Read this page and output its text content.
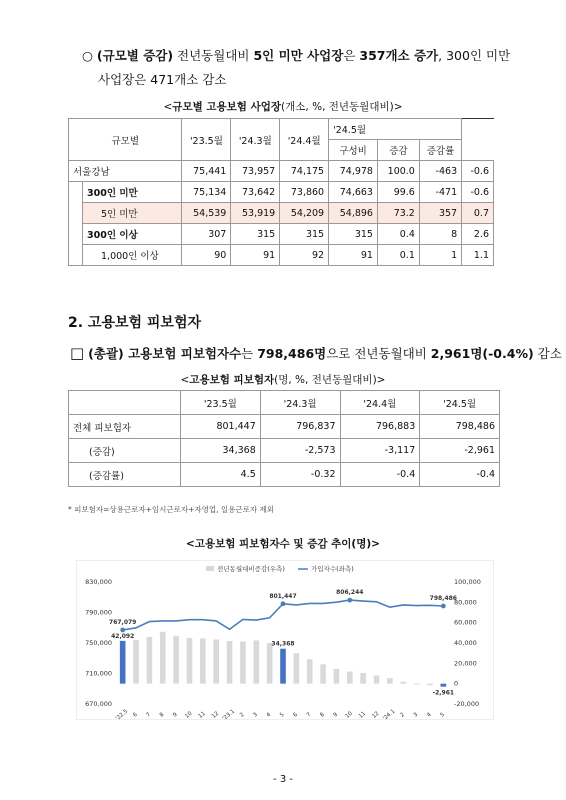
○ (규모별 증감) 전년동월대비 5인 미만 사업장은 357개소 증가, 300인 미만
사업장은 471개소 감소
<규모별 고용보험 사업장(개소, %, 전년동월대비)>
규모별		'23.5월	'24.3월	'24.4월	'24.5월			
					구성비	증감	증감률	
서울강남		75,441	73,957	74,175	74,978	100.0	-463	-0.6
	300인 미만	75,134	73,642	73,860	74,663	99.6	-471	-0.6
	5인 미만	54,539	53,919	54,209	54,896	73.2	357	0.7
	300인 이상	307	315	315	315	0.4	8	2.6
	1,000인 이상	90	91	92	91	0.1	1	1.1
2. 고용보험 피보험자
□ (총괄) 고용보험 피보험자수는 798,486명으로 전년동월대비 2,961명(-0.4%) 감소
<고용보험 피보험자(명, %, 전년동월대비)>
	'23.5월	'24.3월	'24.4월	'24.5월
전체 피보험자	801,447	796,837	796,883	798,486
(증감)	34,368	-2,573	-3,117	-2,961
(증감률)	4.5	-0.32	-0.4	-0.4
* 피보험자=상용근로자+임시근로자+자영업, 일용근로자 제외
<고용보험 피보험자수 및 증감 추이(명)>
830,000
790,000
750,000
710,000
670,000
100,000
80,000
60,000
40,000
20,000
0
-20,000
전년동월대비증감(우측)	가입자수(좌측)
'22.5 6 7 8 9 10 11 12 '23.1 2 3 4 5 6 7 8 9 10 11 12 '24.1 2 3 4 5
767,079
801,447
806,244
798,486
42,092
34,368
-2,961
- 3 -
